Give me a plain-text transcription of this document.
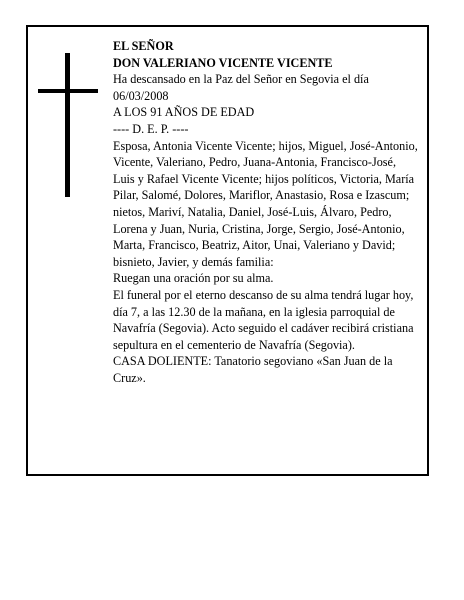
EL SEÑOR

DON VALERIANO VICENTE VICENTE

Ha descansado en la Paz del Señor en Segovia el día 06/03/2008

A LOS 91 AÑOS DE EDAD

---- D. E. P. ----

Esposa, Antonia Vicente Vicente; hijos, Miguel, José-Antonio, Vicente, Valeriano, Pedro, Juana-Antonia, Francisco-José, Luis y Rafael Vicente Vicente; hijos políticos, Victoria, María Pilar, Salomé, Dolores, Mariflor, Anastasio, Rosa e Izascum; nietos, Mariví, Natalia, Daniel, José-Luis, Álvaro, Pedro, Lorena y Juan, Nuria, Cristina, Jorge, Sergio, José-Antonio, Marta, Francisco, Beatriz, Aitor, Unai, Valeriano y David; bisnieto, Javier, y demás familia:

Ruegan una oración por su alma.

El funeral por el eterno descanso de su alma tendrá lugar hoy, día 7, a las 12.30 de la mañana, en la iglesia parroquial de Navafría (Segovia). Acto seguido el cadáver recibirá cristiana sepultura en el cementerio de Navafría (Segovia).

CASA DOLIENTE: Tanatorio segoviano «San Juan de la Cruz».
